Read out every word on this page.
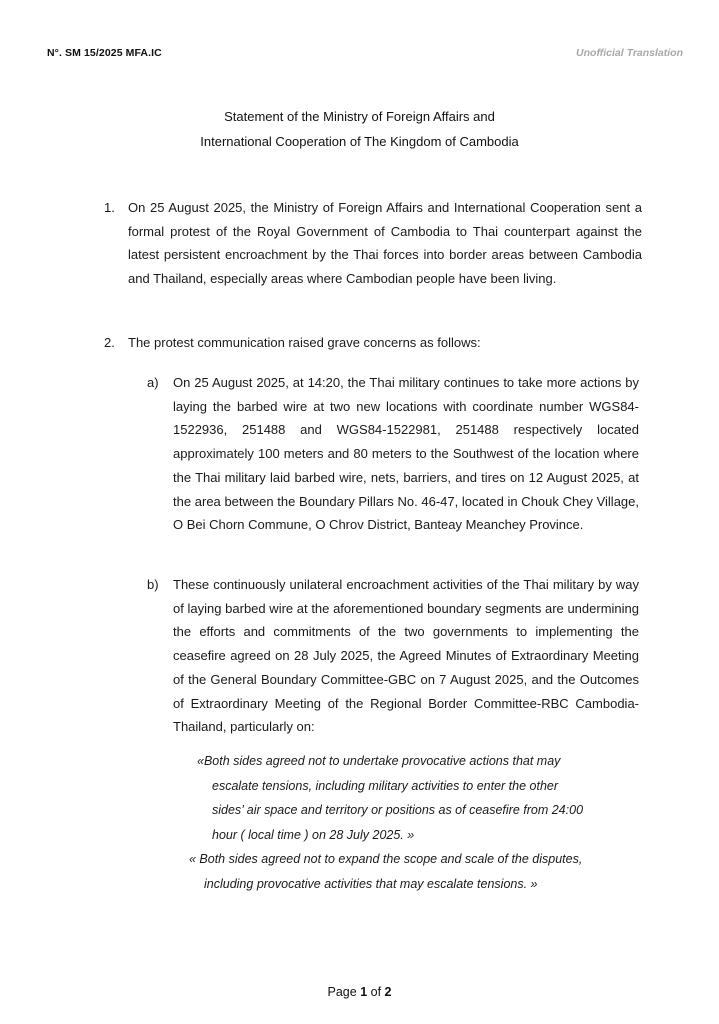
N°. SM 15/2025 MFA.IC	Unofficial Translation
Statement of the Ministry of Foreign Affairs and
International Cooperation of The Kingdom of Cambodia
1. On 25 August 2025, the Ministry of Foreign Affairs and International Cooperation sent a formal protest of the Royal Government of Cambodia to Thai counterpart against the latest persistent encroachment by the Thai forces into border areas between Cambodia and Thailand, especially areas where Cambodian people have been living.
2. The protest communication raised grave concerns as follows:
a) On 25 August 2025, at 14:20, the Thai military continues to take more actions by laying the barbed wire at two new locations with coordinate number WGS84-1522936, 251488 and WGS84-1522981, 251488 respectively located approximately 100 meters and 80 meters to the Southwest of the location where the Thai military laid barbed wire, nets, barriers, and tires on 12 August 2025, at the area between the Boundary Pillars No. 46-47, located in Chouk Chey Village, O Bei Chorn Commune, O Chrov District, Banteay Meanchey Province.
b) These continuously unilateral encroachment activities of the Thai military by way of laying barbed wire at the aforementioned boundary segments are undermining the efforts and commitments of the two governments to implementing the ceasefire agreed on 28 July 2025, the Agreed Minutes of Extraordinary Meeting of the General Boundary Committee-GBC on 7 August 2025, and the Outcomes of Extraordinary Meeting of the Regional Border Committee-RBC Cambodia-Thailand, particularly on:
«Both sides agreed not to undertake provocative actions that may
escalate tensions, including military activities to enter the other
sides’ air space and territory or positions as of ceasefire from 24:00
hour ( local time ) on 28 July 2025. »
« Both sides agreed not to expand the scope and scale of the disputes,
including provocative activities that may escalate tensions. »
Page 1 of 2
